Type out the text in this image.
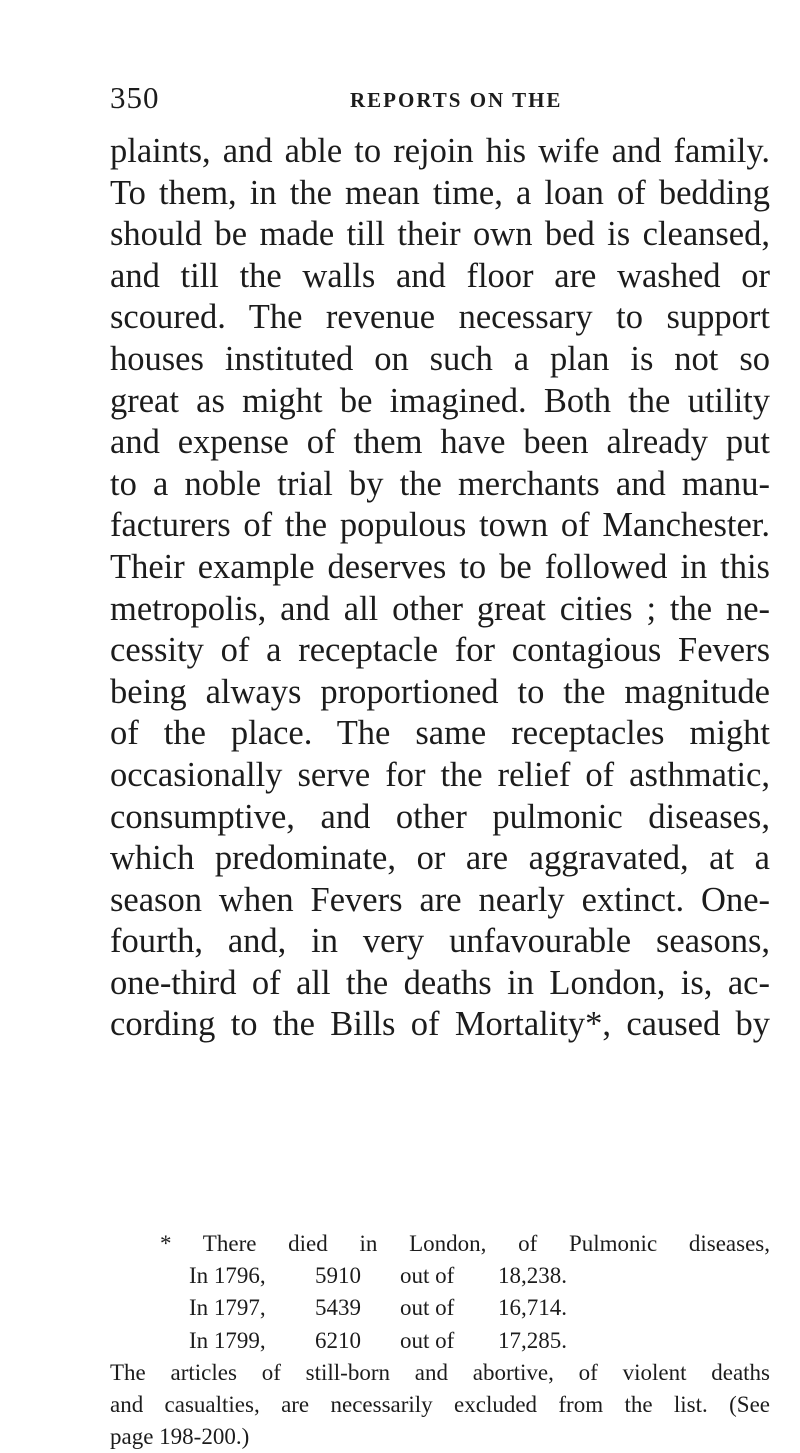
350	REPORTS ON THE
plaints, and able to rejoin his wife and family.
To them, in the mean time, a loan of bedding
should be made till their own bed is cleansed,
and till the walls and floor are washed or
scoured. The revenue necessary to support
houses instituted on such a plan is not so
great as might be imagined. Both the utility
and expense of them have been already put
to a noble trial by the merchants and manu-
facturers of the populous town of Manchester.
Their example deserves to be followed in this
metropolis, and all other great cities ; the ne-
cessity of a receptacle for contagious Fevers
being always proportioned to the magnitude
of the place. The same receptacles might
occasionally serve for the relief of asthmatic,
consumptive, and other pulmonic diseases,
which predominate, or are aggravated, at a
season when Fevers are nearly extinct. One-
fourth, and, in very unfavourable seasons,
one-third of all the deaths in London, is, ac-
cording to the Bills of Mortality*, caused by
* There died in London, of Pulmonic diseases,
In 1796, 5910 out of 18,238.
In 1797, 5439 out of 16,714.
In 1799, 6210 out of 17,285.
The articles of still-born and abortive, of violent deaths
and casualties, are necessarily excluded from the list. (See
page 198-200.)
